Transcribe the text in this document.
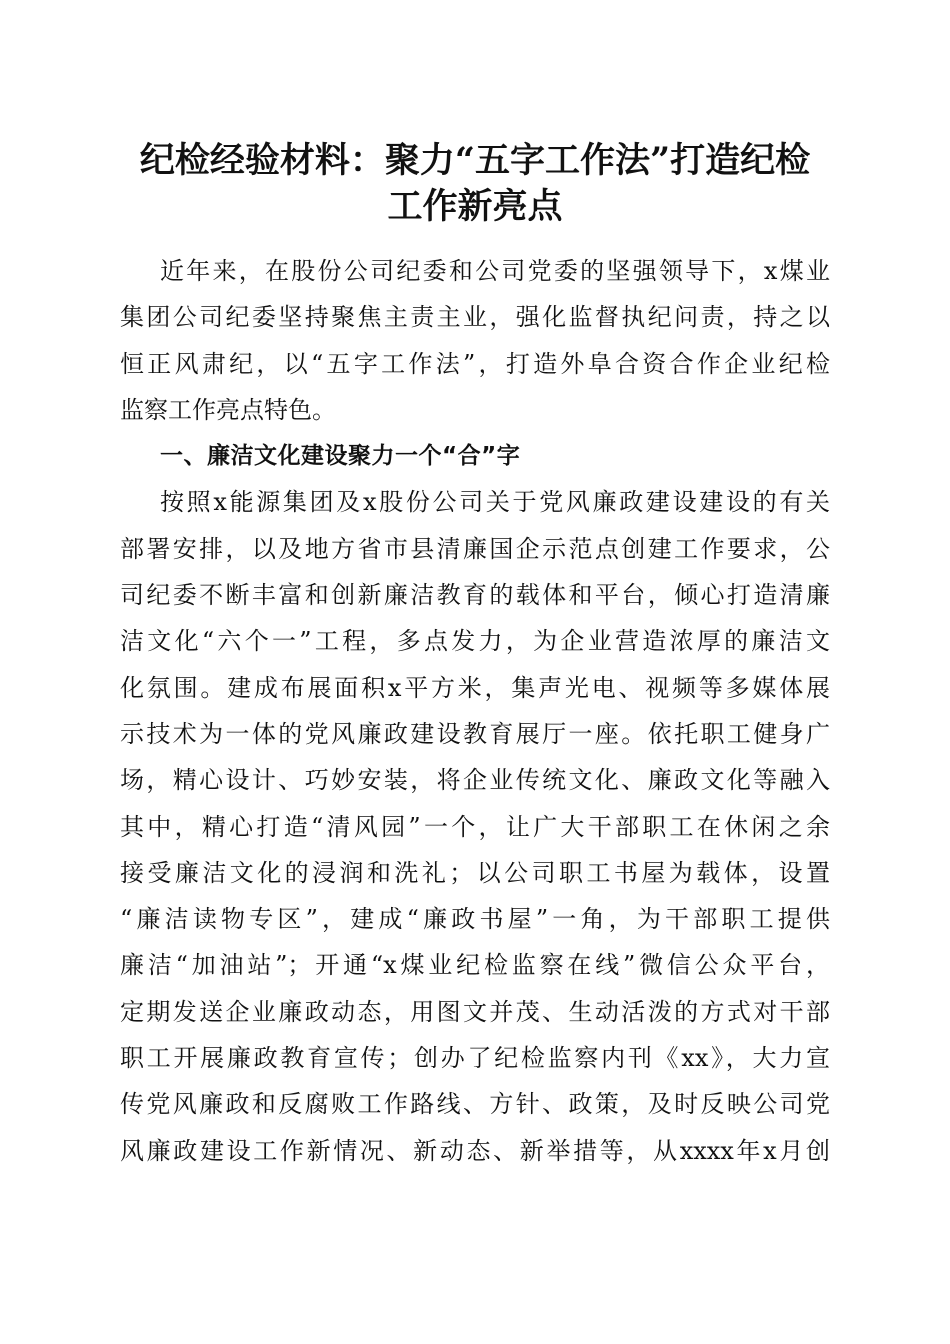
纪检经验材料：聚力“五字工作法”打造纪检
工作新亮点
近年来，在股份公司纪委和公司党委的坚强领导下，x煤业
集团公司纪委坚持聚焦主责主业，强化监督执纪问责，持之以
恒正风肃纪，以“五字工作法”，打造外阜合资合作企业纪检
监察工作亮点特色。
一、廉洁文化建设聚力一个“合”字
按照x能源集团及x股份公司关于党风廉政建设建设的有关
部署安排，以及地方省市县清廉国企示范点创建工作要求，公
司纪委不断丰富和创新廉洁教育的载体和平台，倾心打造清廉
洁文化“六个一”工程，多点发力，为企业营造浓厚的廉洁文
化氛围。建成布展面积x平方米，集声光电、视频等多媒体展
示技术为一体的党风廉政建设教育展厅一座。依托职工健身广
场，精心设计、巧妙安装，将企业传统文化、廉政文化等融入
其中，精心打造“清风园”一个，让广大干部职工在休闲之余
接受廉洁文化的浸润和洗礼；以公司职工书屋为载体，设置
“廉洁读物专区”，建成“廉政书屋”一角，为干部职工提供
廉洁“加油站”；开通“x煤业纪检监察在线”微信公众平台，
定期发送企业廉政动态，用图文并茂、生动活泼的方式对干部
职工开展廉政教育宣传；创办了纪检监察内刊《xx》，大力宣
传党风廉政和反腐败工作路线、方针、政策，及时反映公司党
风廉政建设工作新情况、新动态、新举措等，从xxxx年x月创
